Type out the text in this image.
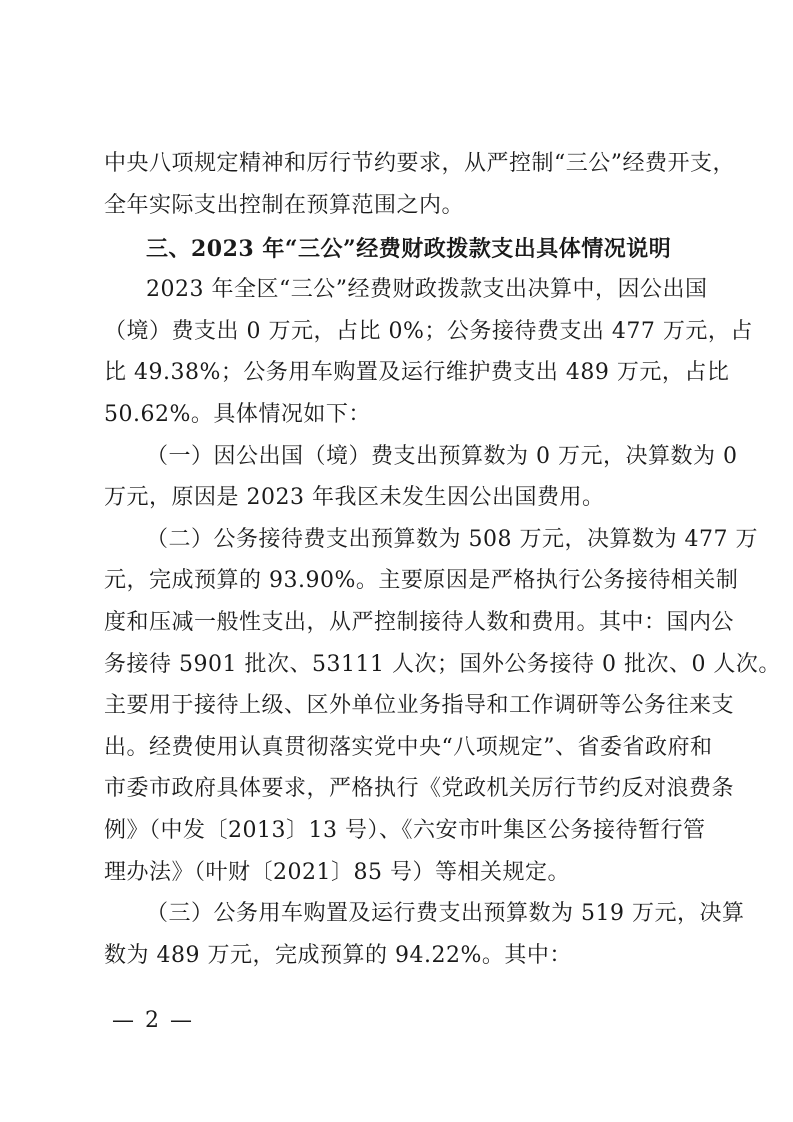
中央八项规定精神和厉行节约要求，从严控制“三公”经费开支，
全年实际支出控制在预算范围之内。
三、2023 年“三公”经费财政拨款支出具体情况说明
2023 年全区“三公”经费财政拨款支出决算中，因公出国
（境）费支出 0 万元，占比 0%；公务接待费支出 477 万元，占
比 49.38%；公务用车购置及运行维护费支出 489 万元，占比
50.62%。具体情况如下：
（一）因公出国（境）费支出预算数为 0 万元，决算数为 0
万元，原因是 2023 年我区未发生因公出国费用。
（二）公务接待费支出预算数为 508 万元，决算数为 477 万
元，完成预算的 93.90%。主要原因是严格执行公务接待相关制
度和压减一般性支出，从严控制接待人数和费用。其中：国内公
务接待 5901 批次、53111 人次；国外公务接待 0 批次、0 人次。
主要用于接待上级、区外单位业务指导和工作调研等公务往来支
出。经费使用认真贯彻落实党中央“八项规定”、省委省政府和
市委市政府具体要求，严格执行《党政机关厉行节约反对浪费条
例》（中发〔2013〕13 号）、《六安市叶集区公务接待暂行管
理办法》（叶财〔2021〕85 号）等相关规定。
（三）公务用车购置及运行费支出预算数为 519 万元，决算
数为 489 万元，完成预算的 94.22%。其中：
— 2 —
